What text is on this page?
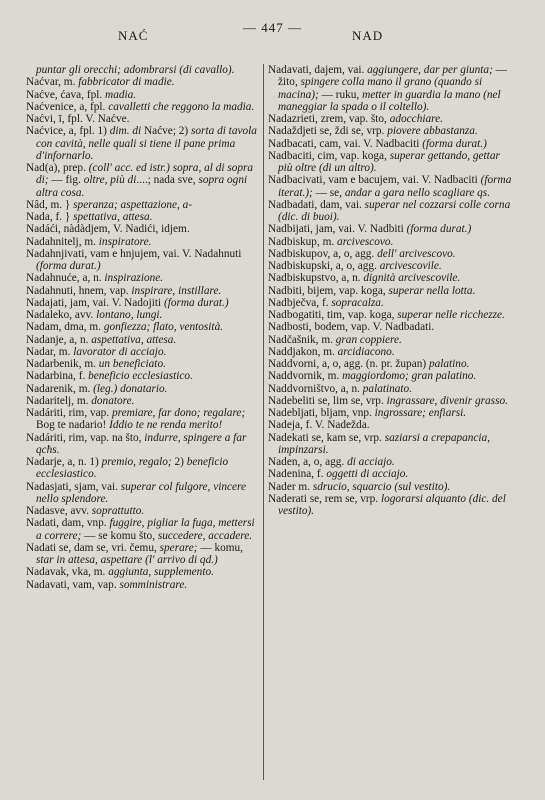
NAĆ
— 447 —
NAD

puntar gli orecchi; adombrarsi (di cavallo).

Naćvar, m. fabbricator di madie.

Naćve, ćava, fpl. madia.

Naćvenice, a, fpl. cavalletti che reggono la madia.

Naćvi, ī, fpl. V. Naćve.

Naćvice, a, fpl. 1) dim. di Naćve; 2) sorta di tavola con cavità, nelle quali si tiene il pane prima d'infornarlo.

Nad(a), prep. (coll' acc. ed istr.) sopra, al di sopra di; — fig. oltre, più di....; nada sve, sopra ogni altra cosa.

Nâd, m. } speranza; aspettazione, a-

Nada, f. } spettativa, attesa.

Nadáći, nàdàdjem, V. Nadići, idjem.

Nadahnitelj, m. inspiratore.

Nadahnjivati, vam e hnjujem, vai. V. Nadahnuti (forma durat.)

Nadahnuće, a, n. inspirazione.

Nadahnuti, hnem, vap. inspirare, instillare.

Nadajati, jam, vai. V. Nadojiti (forma durat.)

Nadaleko, avv. lontano, lungi.

Nadam, dma, m. gonfiezza; flato, ventosità.

Nadanje, a, n. aspettativa, attesa.

Nadar, m. lavorator di acciajo.

Nadarbenik, m. un beneficiato.

Nadarbina, f. beneficio ecclesiastico.

Nadarenik, m. (leg.) donatario.

Nadaritelj, m. donatore.

Nadáriti, rim, vap. premiare, far dono; regalare; Bog te nadario! Iddio te ne renda merito!

Nadáriti, rim, vap. na što, indurre, spingere a far qcħs.

Nadarje, a, n. 1) premio, regalo; 2) beneficio ecclesiastico.

Nadasjati, sjam, vai. superar col fulgore, vincere nello splendore.

Nadasve, avv. soprattutto.

Nadati, dam, vnp. fuggire, pigliar la fuga, mettersi a correre; — se komu što, succedere, accadere.

Nadati se, dam se, vri. čemu, sperare; — komu, star in attesa, aspettare (l' arrivo di qd.)

Nadavak, vka, m. aggiunta, supplemento.

Nadavati, vam, vap. somministrare.

Nadavati, dajem, vai. aggiungere, dar per giunta; — žito, spingere colla mano il grano (quando si macina); — ruku, metter in guardia la mano (nel maneggiar la spada o il coltello).

Nadazrieti, zrem, vap. što, adocchiare.

Nadaždjeti se, ždi se, vrp. piovere abbastanza.

Nadbacati, cam, vai. V. Nadbaciti (forma durat.)

Nadbaciti, cim, vap. koga, superar gettando, gettar più oltre (di un altro).

Nadbacivati, vam e bacujem, vai. V. Nadbaciti (forma iterat.); — se, andar a gara nello scagliare qs.

Nadbadati, dam, vai. superar nel cozzarsi colle corna (dic. di buoi).

Nadbijati, jam, vai. V. Nadbiti (forma durat.)

Nadbiskup, m. arcivescovo.

Nadbiskupov, a, o, agg. dell' arcivescovo.

Nadbiskupski, a, o, agg. arcivescovile.

Nadbiskupstvo, a, n. dignità arcivescovile.

Nadbiti, bijem, vap. koga, superar nella lotta.

Nadbječva, f. sopracalza.

Nadbogatiti, tim, vap. koga, superar nelle ricchezze.

Nadbosti, bodem, vap. V. Nadbadati.

Nadčašnik, m. gran coppiere.

Naddjakon, m. arcidiacono.

Naddvorni, a, o, agg. (n. pr. župan) palatino.

Naddvornik, m. maggiordomo; gran palatino.

Naddvorništvo, a, n. palatinato.

Nadebeliti se, lim se, vrp. ingrassare, divenir grasso.

Nadebljati, bljam, vnp. ingrossare; enfiarsi.

Nadeja, f. V. Nadežda.

Nadekati se, kam se, vrp. saziarsi a crepapancia, impinzarsi.

Naden, a, o, agg. di acciajo.

Nadenina, f. oggetti di acciajo.

Nader m. sdrucio, squarcio (sul vestito).

Naderati se, rem se, vrp. logorarsi alquanto (dic. del vestito).
